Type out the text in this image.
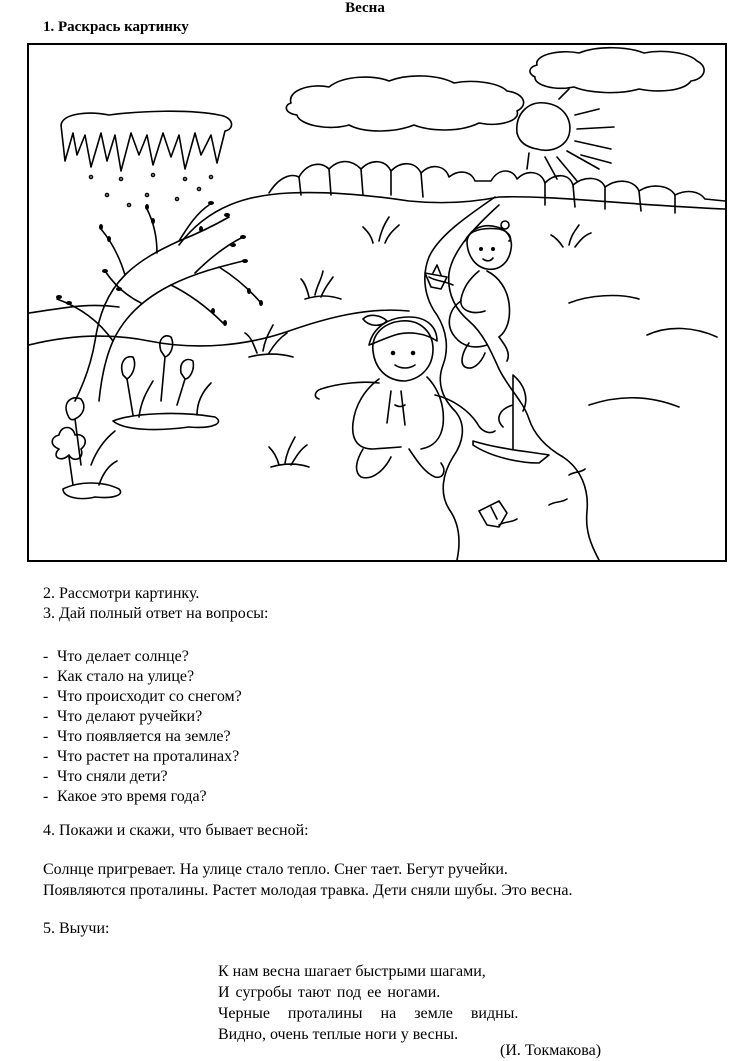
Весна
1. Раскрась картинку
2. Рассмотри картинку.
3. Дай полный ответ на вопросы:
- Что делает солнце?
- Как стало на улице?
- Что происходит со снегом?
- Что делают ручейки?
- Что появляется на земле?
- Что растет на проталинах?
- Что сняли дети?
- Какое это время года?
4. Покажи и скажи, что бывает весной:
Солнце пригревает. На улице стало тепло. Снег тает. Бегут ручейки.
Появляются проталины. Растет молодая травка. Дети сняли шубы. Это весна.
5. Выучи:
К нам весна шагает быстрыми шагами,
И сугробы тают под ее ногами.
Черные проталины на земле видны.
Видно, очень теплые ноги у весны.
(И. Токмакова)
